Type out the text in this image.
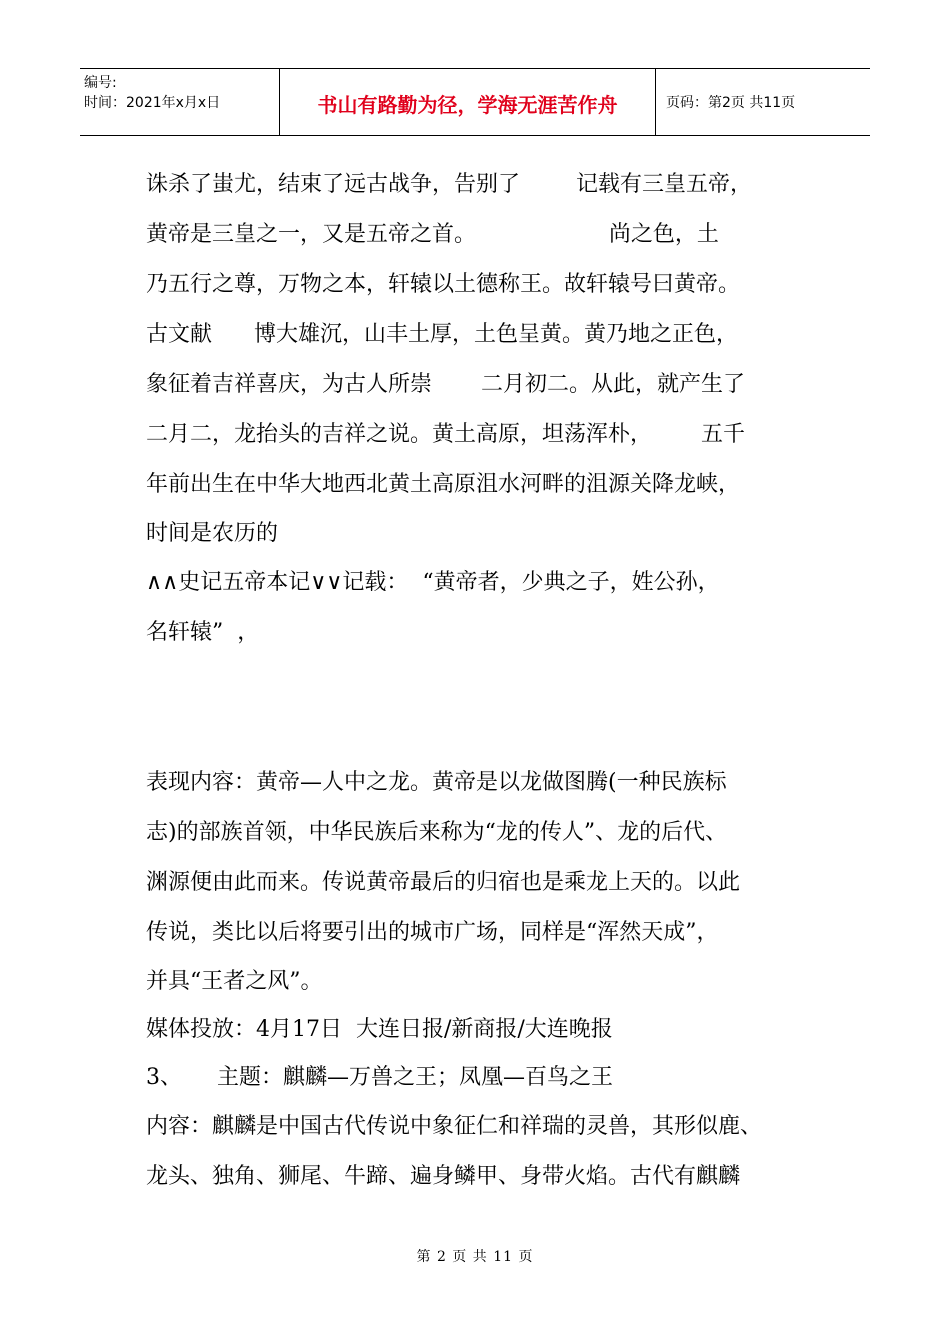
编号:
时间：2021年x月x日	书山有路勤为径，学海无涯苦作舟	页码：第2页 共11页
诛杀了蚩尤，结束了远古战争，告别了        记载有三皇五帝，
黄帝是三皇之一，又是五帝之首。                   尚之色，土
乃五行之尊，万物之本，轩辕以土德称王。故轩辕号曰黄帝。
古文献      博大雄沉，山丰土厚，土色呈黄。黄乃地之正色，
象征着吉祥喜庆，为古人所崇       二月初二。从此，就产生了
二月二，龙抬头的吉祥之说。黄土高原，坦荡浑朴，       五千
年前出生在中华大地西北黄土高原沮水河畔的沮源关降龙峡，
时间是农历的
∧∧史记五帝本记∨∨记载：  “黄帝者，少典之子，姓公孙，
名轩辕”  ，
表现内容：黄帝—人中之龙。黄帝是以龙做图腾(一种民族标
志)的部族首领，中华民族后来称为“龙的传人”、龙的后代、
渊源便由此而来。传说黄帝最后的归宿也是乘龙上天的。以此
传说，类比以后将要引出的城市广场，同样是“浑然天成”，
并具“王者之风”。
媒体投放：4月17日  大连日报/新商报/大连晚报
3、     主题：麒麟—万兽之王；凤凰—百鸟之王
内容：麒麟是中国古代传说中象征仁和祥瑞的灵兽，其形似鹿、
龙头、独角、狮尾、牛蹄、遍身鳞甲、身带火焰。古代有麒麟
第 2 页 共 11 页
